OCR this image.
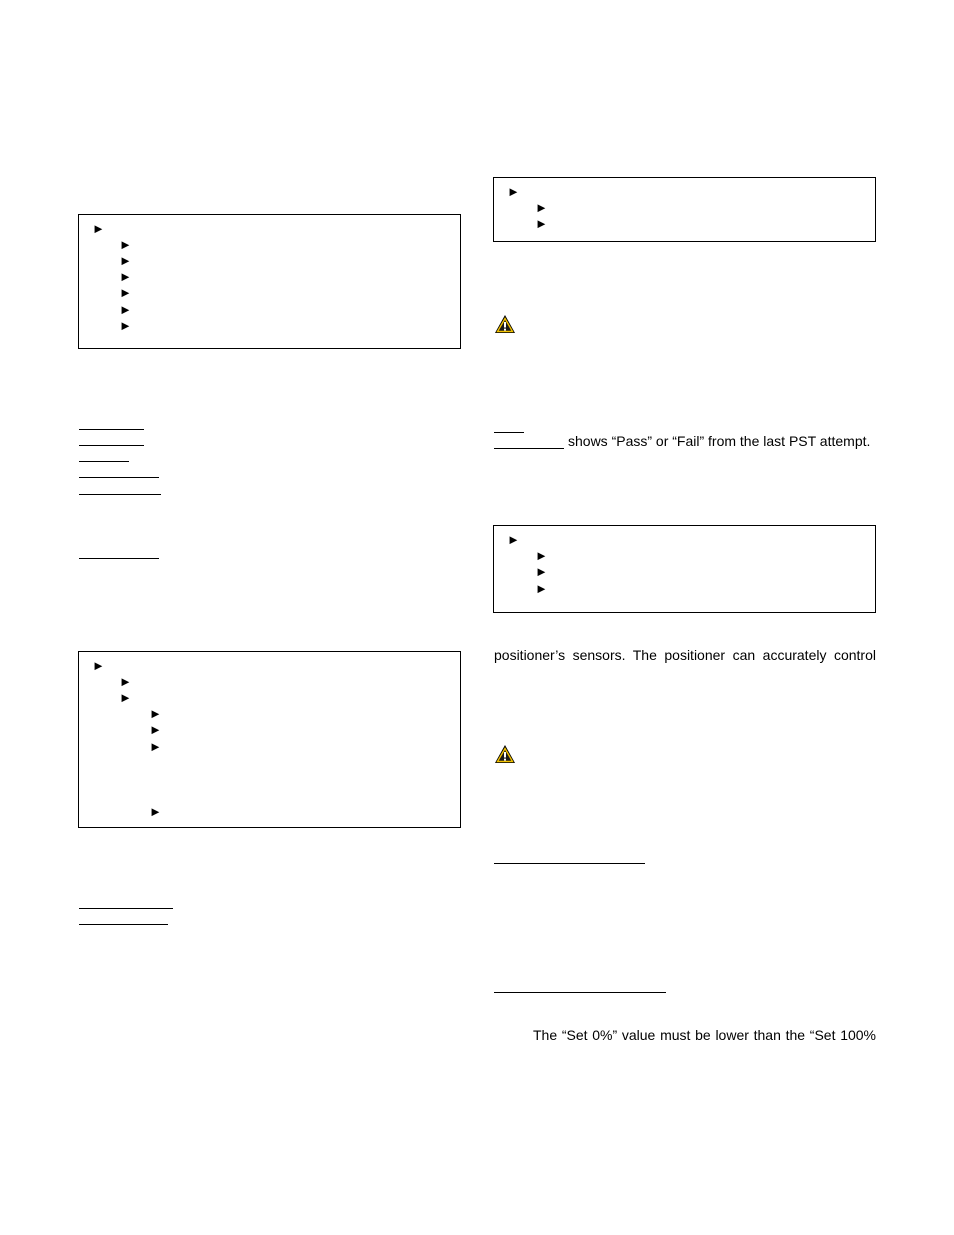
►
►
►
►
►
►
►
►
►
►
►
►
►
►
►
►
►
shows “Pass” or “Fail” from the last PST attempt.
►
►
►
►
positioner’s sensors. The positioner can accurately control
The “Set 0%” value must be lower than the “Set 100%
